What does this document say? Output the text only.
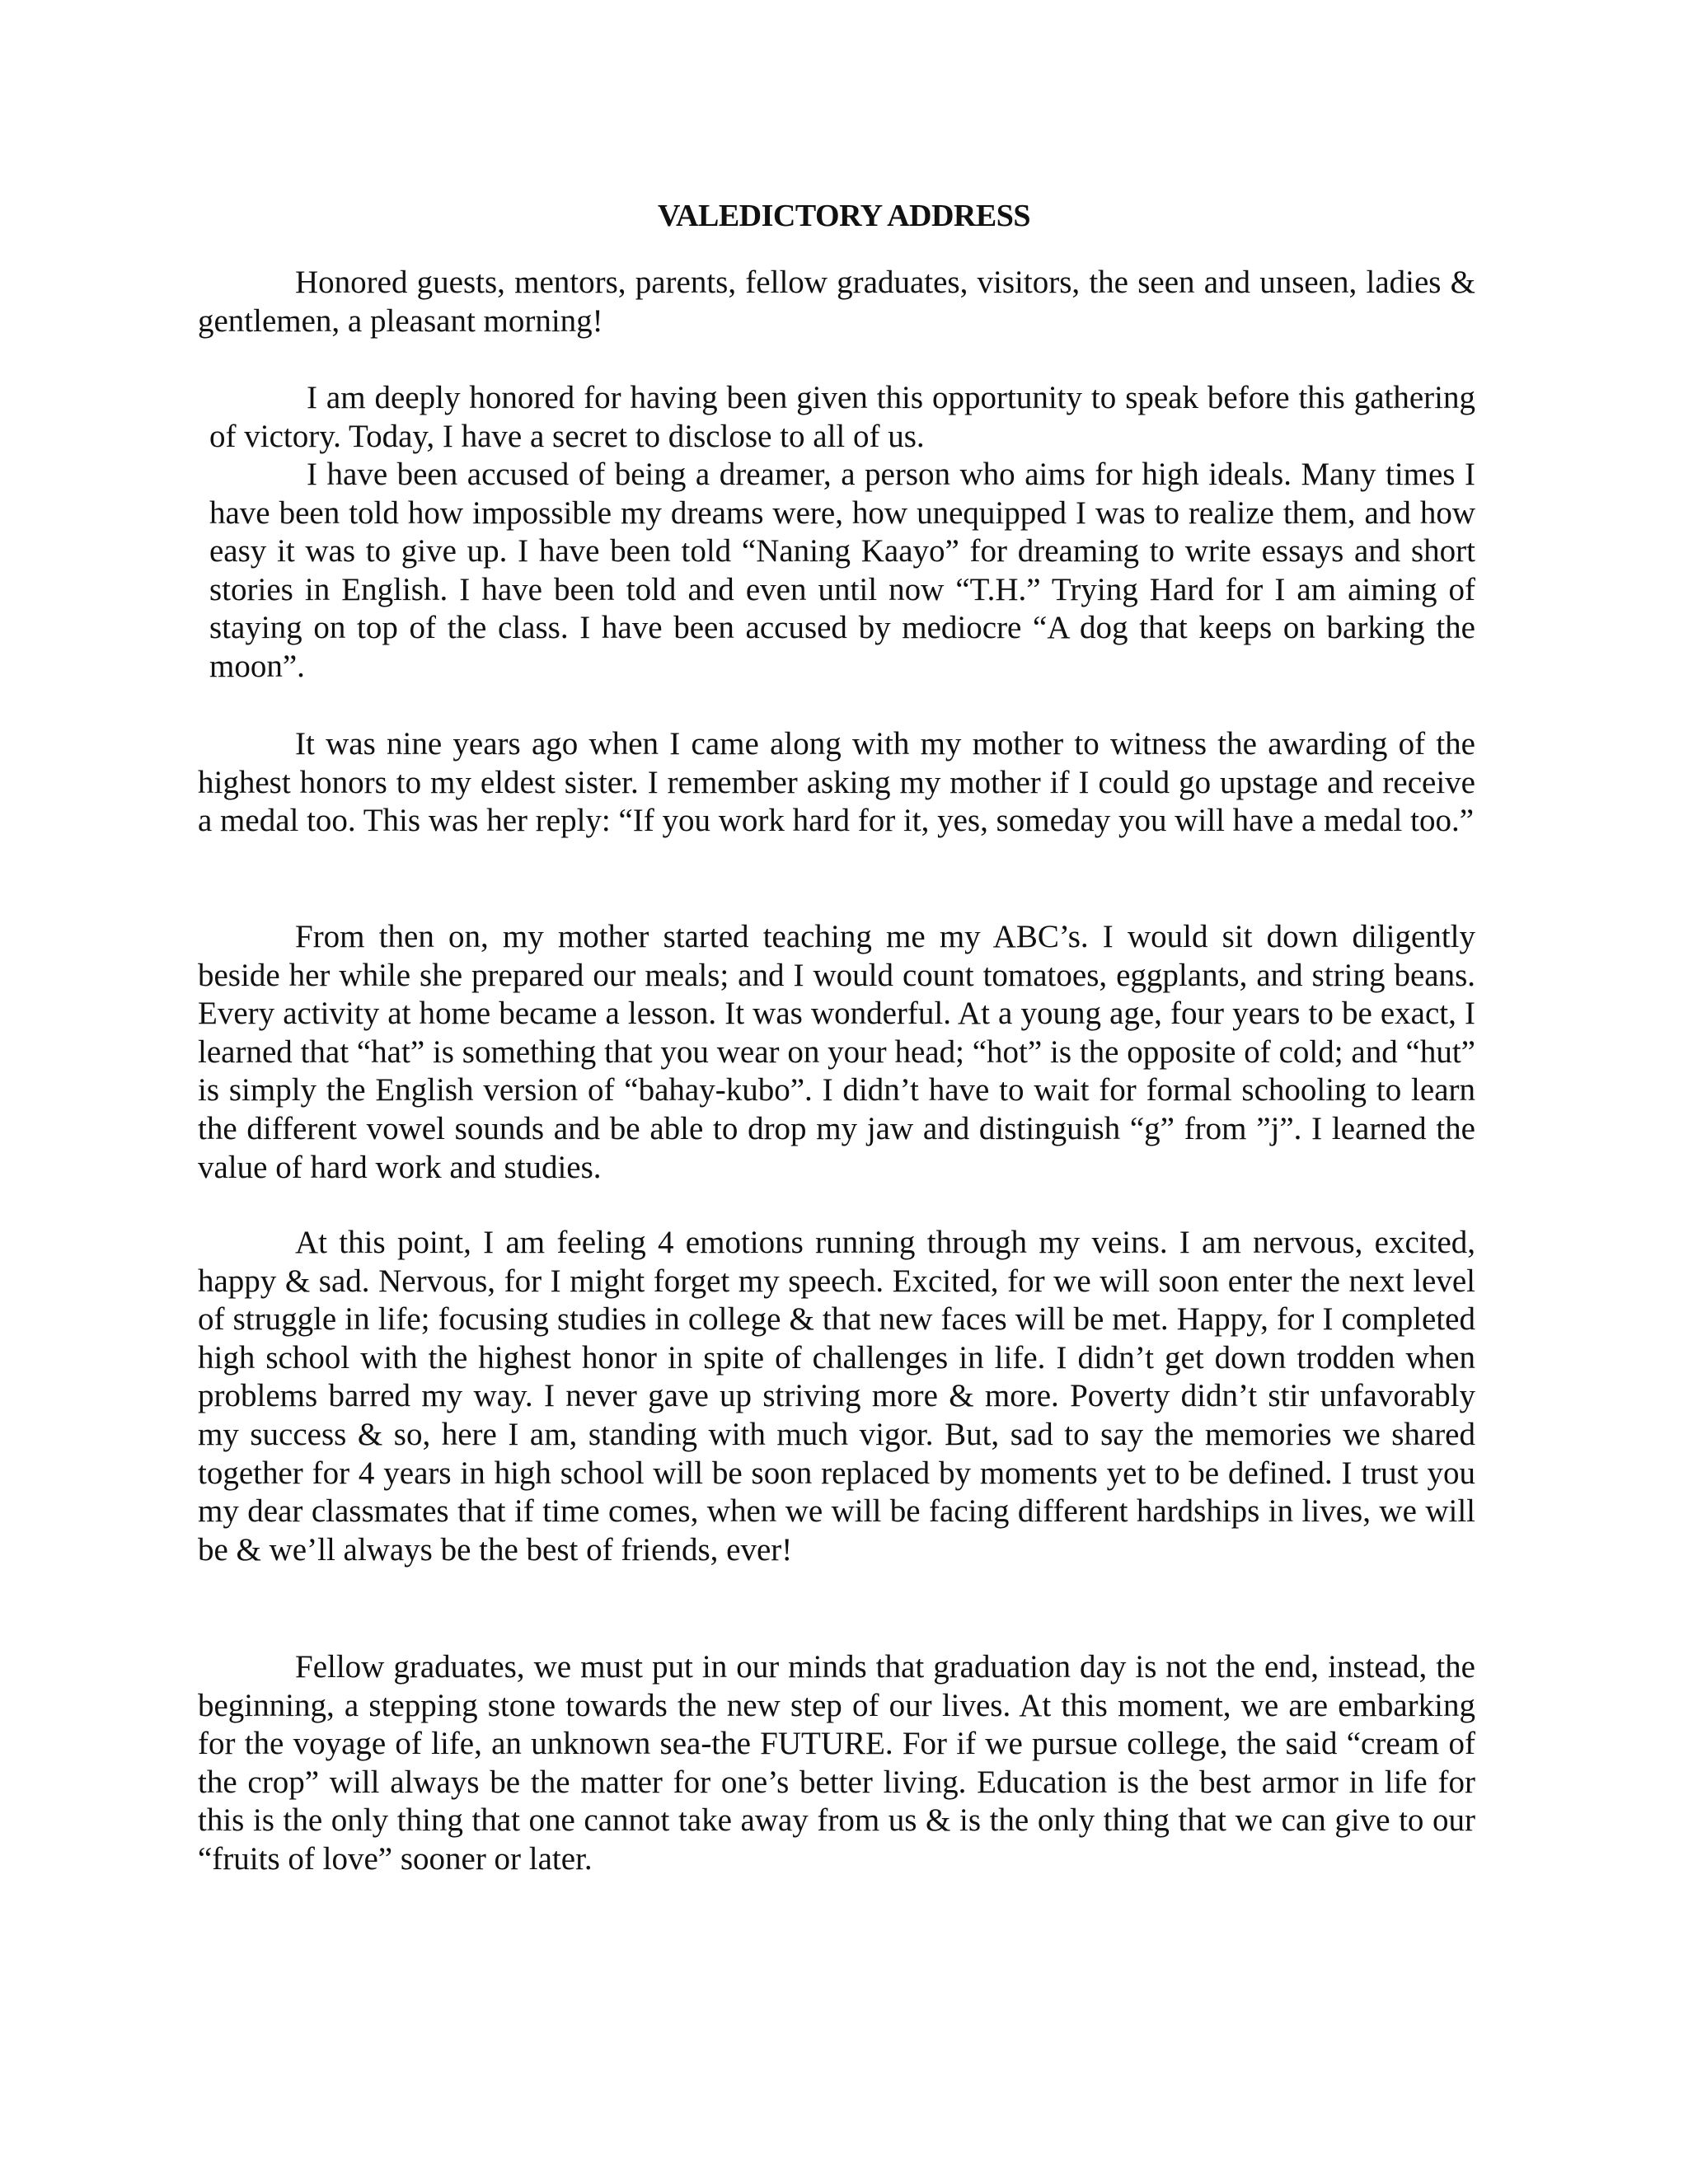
VALEDICTORY ADDRESS

Honored guests, mentors, parents, fellow graduates, visitors, the seen and unseen, ladies & gentlemen, a pleasant morning!

I am deeply honored for having been given this opportunity to speak before this gathering of victory. Today, I have a secret to disclose to all of us.

I have been accused of being a dreamer, a person who aims for high ideals. Many times I have been told how impossible my dreams were, how unequipped I was to realize them, and how easy it was to give up. I have been told “Naning Kaayo” for dreaming to write essays and short stories in English. I have been told and even until now “T.H.” Trying Hard for I am aiming of staying on top of the class. I have been accused by mediocre “A dog that keeps on barking the moon”.

It was nine years ago when I came along with my mother to witness the awarding of the highest honors to my eldest sister. I remember asking my mother if I could go upstage and receive a medal too. This was her reply: “If you work hard for it, yes, someday you will have a medal too.”

From then on, my mother started teaching me my ABC’s. I would sit down diligently beside her while she prepared our meals; and I would count tomatoes, eggplants, and string beans. Every activity at home became a lesson. It was wonderful. At a young age, four years to be exact, I learned that “hat” is something that you wear on your head; “hot” is the opposite of cold; and “hut” is simply the English version of “bahay-kubo”. I didn’t have to wait for formal schooling to learn the different vowel sounds and be able to drop my jaw and distinguish “g” from ”j”. I learned the value of hard work and studies.

At this point, I am feeling 4 emotions running through my veins. I am nervous, excited, happy & sad. Nervous, for I might forget my speech. Excited, for we will soon enter the next level of struggle in life; focusing studies in college & that new faces will be met. Happy, for I completed high school with the highest honor in spite of challenges in life. I didn’t get down trodden when problems barred my way. I never gave up striving more & more. Poverty didn’t stir unfavorably my success & so, here I am, standing with much vigor. But, sad to say the memories we shared together for 4 years in high school will be soon replaced by moments yet to be defined. I trust you my dear classmates that if time comes, when we will be facing different hardships in lives, we will be & we’ll always be the best of friends, ever!

Fellow graduates, we must put in our minds that graduation day is not the end, instead, the beginning, a stepping stone towards the new step of our lives. At this moment, we are embarking for the voyage of life, an unknown sea-the FUTURE. For if we pursue college, the said “cream of the crop” will always be the matter for one’s better living. Education is the best armor in life for this is the only thing that one cannot take away from us & is the only thing that we can give to our “fruits of love” sooner or later.
